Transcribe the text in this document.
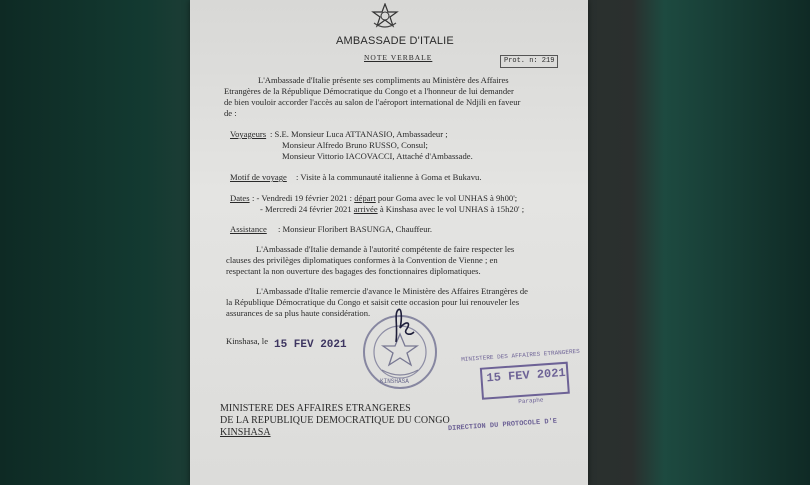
AMBASSADE D'ITALIE
NOTE VERBALE	Prot. n: 219
L'Ambassade d'Italie présente ses compliments au Ministère des Affaires
Etrangères de la République Démocratique du Congo et a l'honneur de lui demander
de bien vouloir accorder l'accès au salon de l'aéroport international de Ndjili en faveur
de :
Voyageurs : S.E. Monsieur Luca ATTANASIO, Ambassadeur ;
Monsieur Alfredo Bruno RUSSO, Consul;
Monsieur Vittorio IACOVACCI, Attaché d'Ambassade.
Motif de voyage : Visite à la communauté italienne à Goma et Bukavu.
Dates : - Vendredi 19 février 2021 : départ pour Goma avec le vol UNHAS à 9h00';
- Mercredi 24 février 2021 arrivée à Kinshasa avec le vol UNHAS à 15h20' ;
Assistance : Monsieur Floribert BASUNGA, Chauffeur.
L'Ambassade d'Italie demande à l'autorité compétente de faire respecter les
clauses des privilèges diplomatiques conformes à la Convention de Vienne ; en
respectant la non ouverture des bagages des fonctionnaires diplomatiques.
L'Ambassade d'Italie remercie d'avance le Ministère des Affaires Etrangères de
la République Démocratique du Congo et saisit cette occasion pour lui renouveler les
assurances de sa plus haute considération.
Kinshasa, le 15 FEV 2021
KINSHASA
MINISTERE DES AFFAIRES ETRANGERES
15 FEV 2021
Paraphe
DIRECTION DU PROTOCOLE D'E
MINISTERE DES AFFAIRES ETRANGERES
DE LA REPUBLIQUE DEMOCRATIQUE DU CONGO
KINSHASA
